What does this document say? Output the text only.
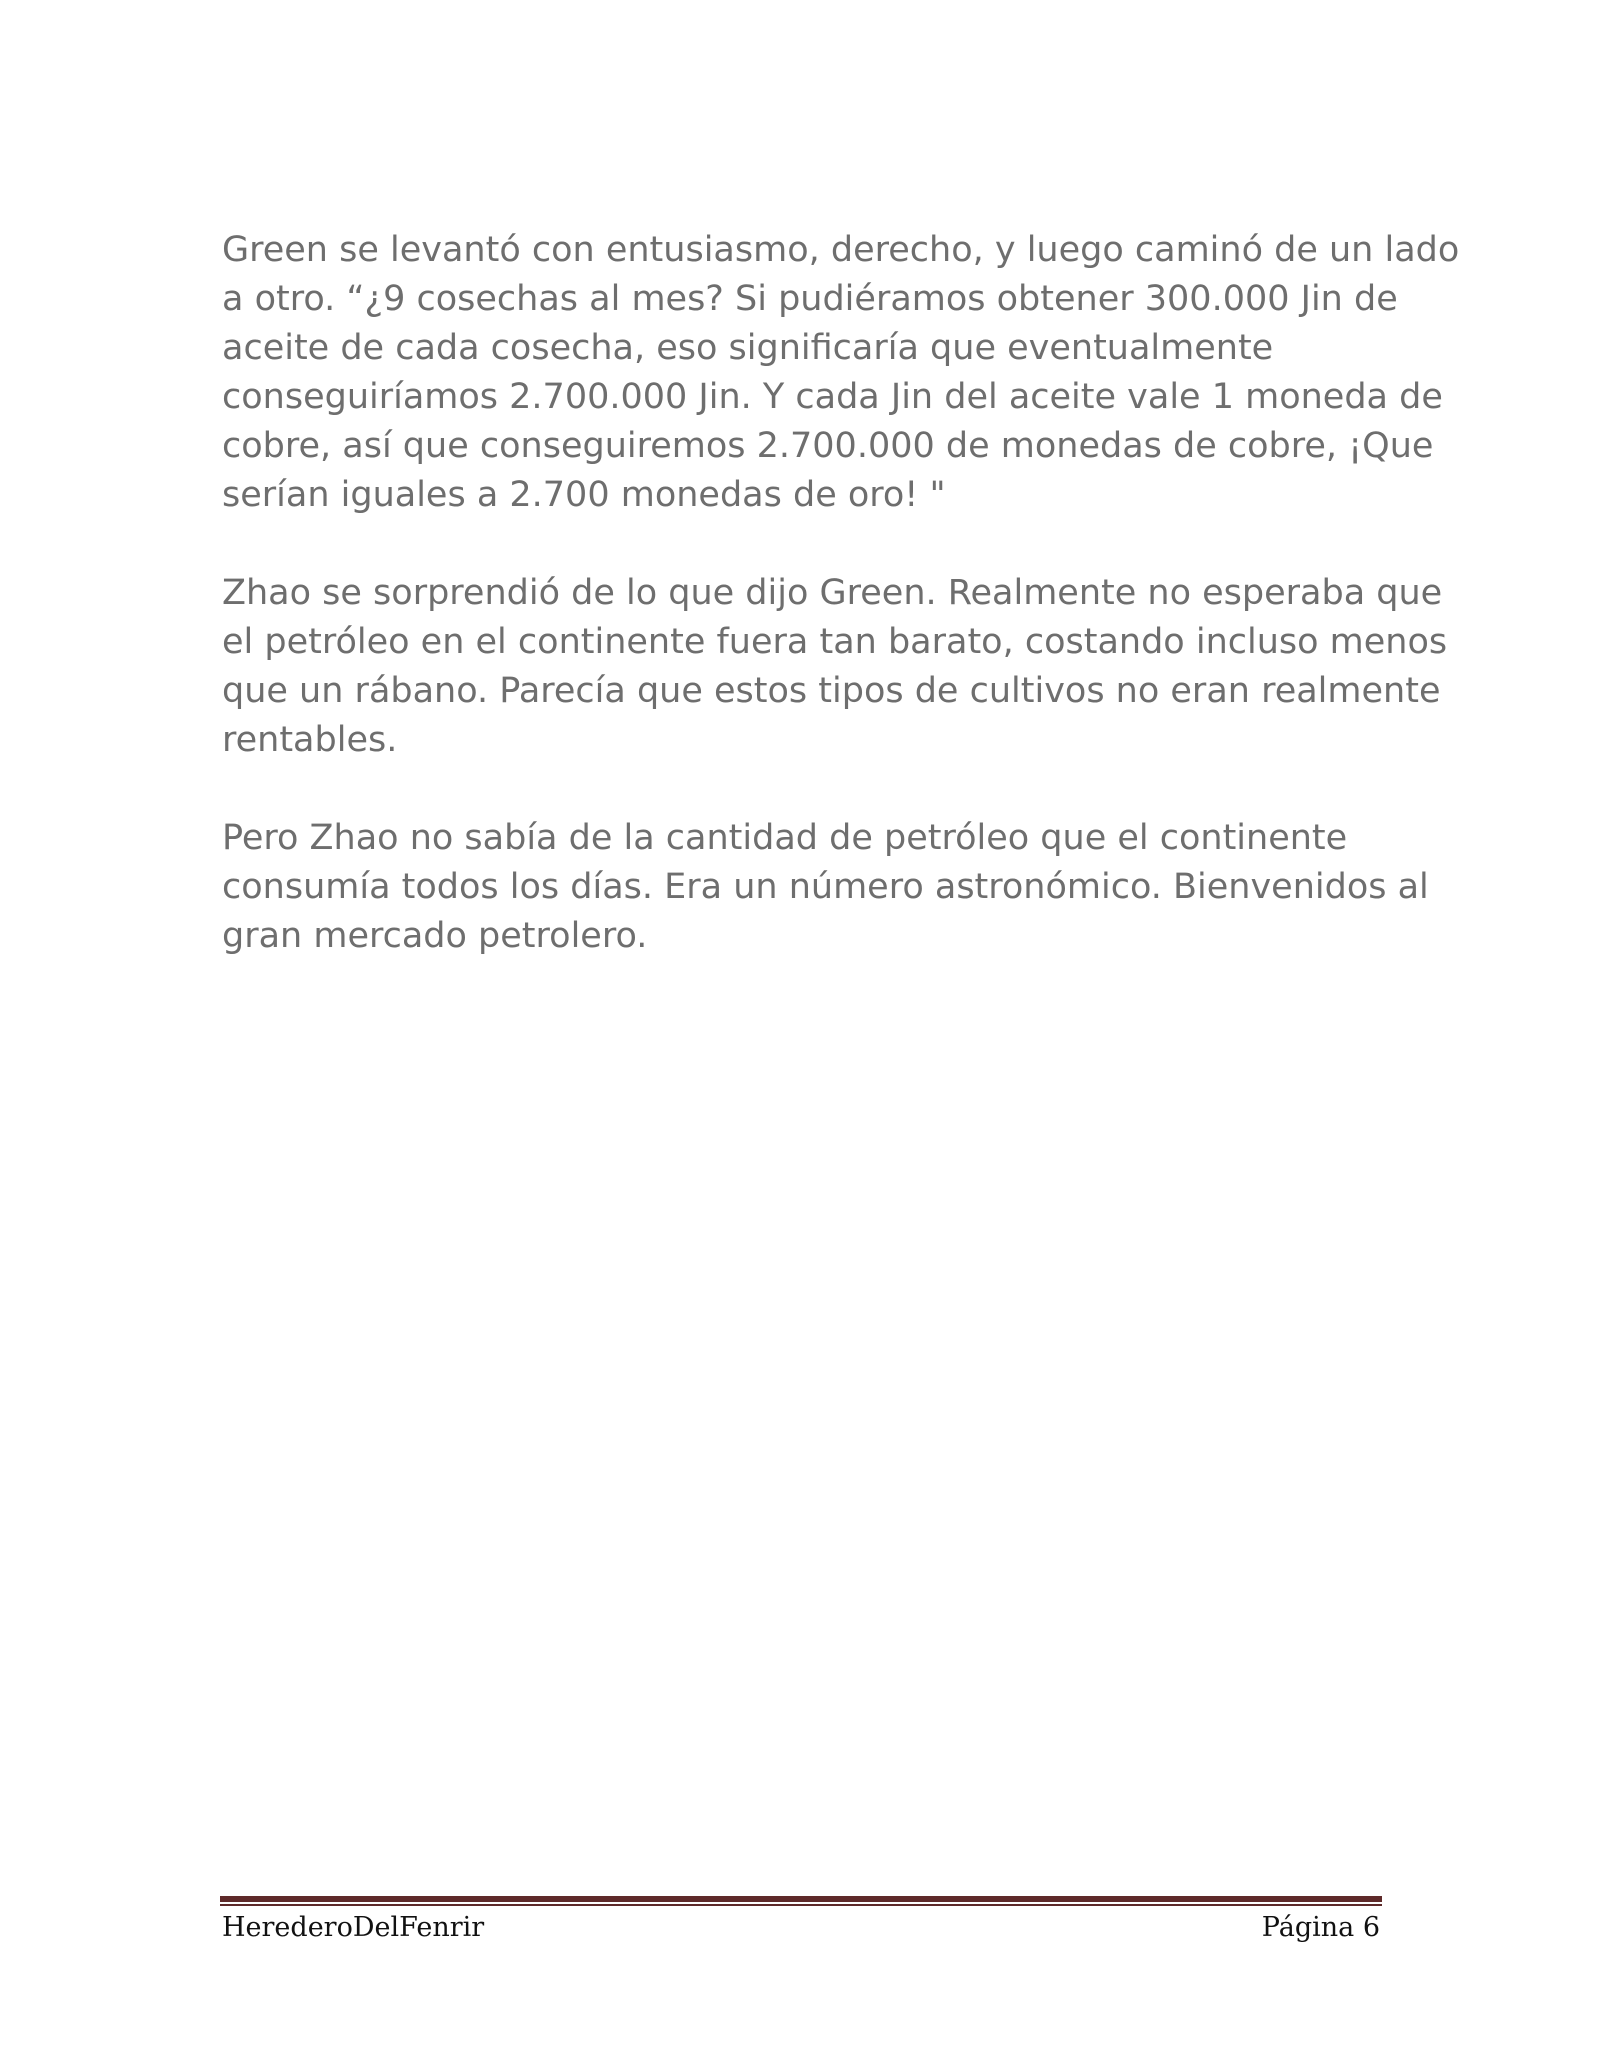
Green se levantó con entusiasmo, derecho, y luego caminó de un lado
a otro. “¿9 cosechas al mes? Si pudiéramos obtener 300.000 Jin de
aceite de cada cosecha, eso significaría que eventualmente
conseguiríamos 2.700.000 Jin. Y cada Jin del aceite vale 1 moneda de
cobre, así que conseguiremos 2.700.000 de monedas de cobre, ¡Que
serían iguales a 2.700 monedas de oro! "

Zhao se sorprendió de lo que dijo Green. Realmente no esperaba que
el petróleo en el continente fuera tan barato, costando incluso menos
que un rábano. Parecía que estos tipos de cultivos no eran realmente
rentables.

Pero Zhao no sabía de la cantidad de petróleo que el continente
consumía todos los días. Era un número astronómico. Bienvenidos al
gran mercado petrolero.

HerederoDelFenrir	Página 6
